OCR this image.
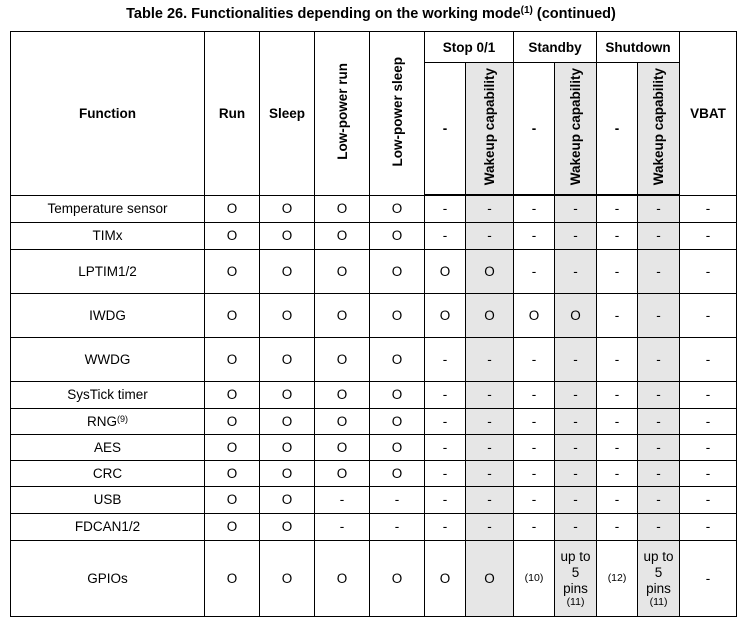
Table 26. Functionalities depending on the working mode$^{(1)}$ (continued)
Function	Run	Sleep	Low-power run	Low-power sleep	Stop 0/1		Standby		Shutdown		VBAT
					-	Wakeup capability	-	Wakeup capability	-	Wakeup capability	
Temperature sensor	O	O	O	O	-	-	-	-	-	-	-
TIMx	O	O	O	O	-	-	-	-	-	-	-
LPTIM1/2	O	O	O	O	O	O	-	-	-	-	-
IWDG	O	O	O	O	O	O	O	O	-	-	-
WWDG	O	O	O	O	-	-	-	-	-	-	-
SysTick timer	O	O	O	O	-	-	-	-	-	-	-
RNG$^{(9)}$	O	O	O	O	-	-	-	-	-	-	-
AES	O	O	O	O	-	-	-	-	-	-	-
CRC	O	O	O	O	-	-	-	-	-	-	-
USB	O	O	-	-	-	-	-	-	-	-	-
FDCAN1/2	O	O	-	-	-	-	-	-	-	-	-
GPIOs	O	O	O	O	O	O	(10)	up to
5
pins
(11)	(12)	up to
5
pins
(11)	-
